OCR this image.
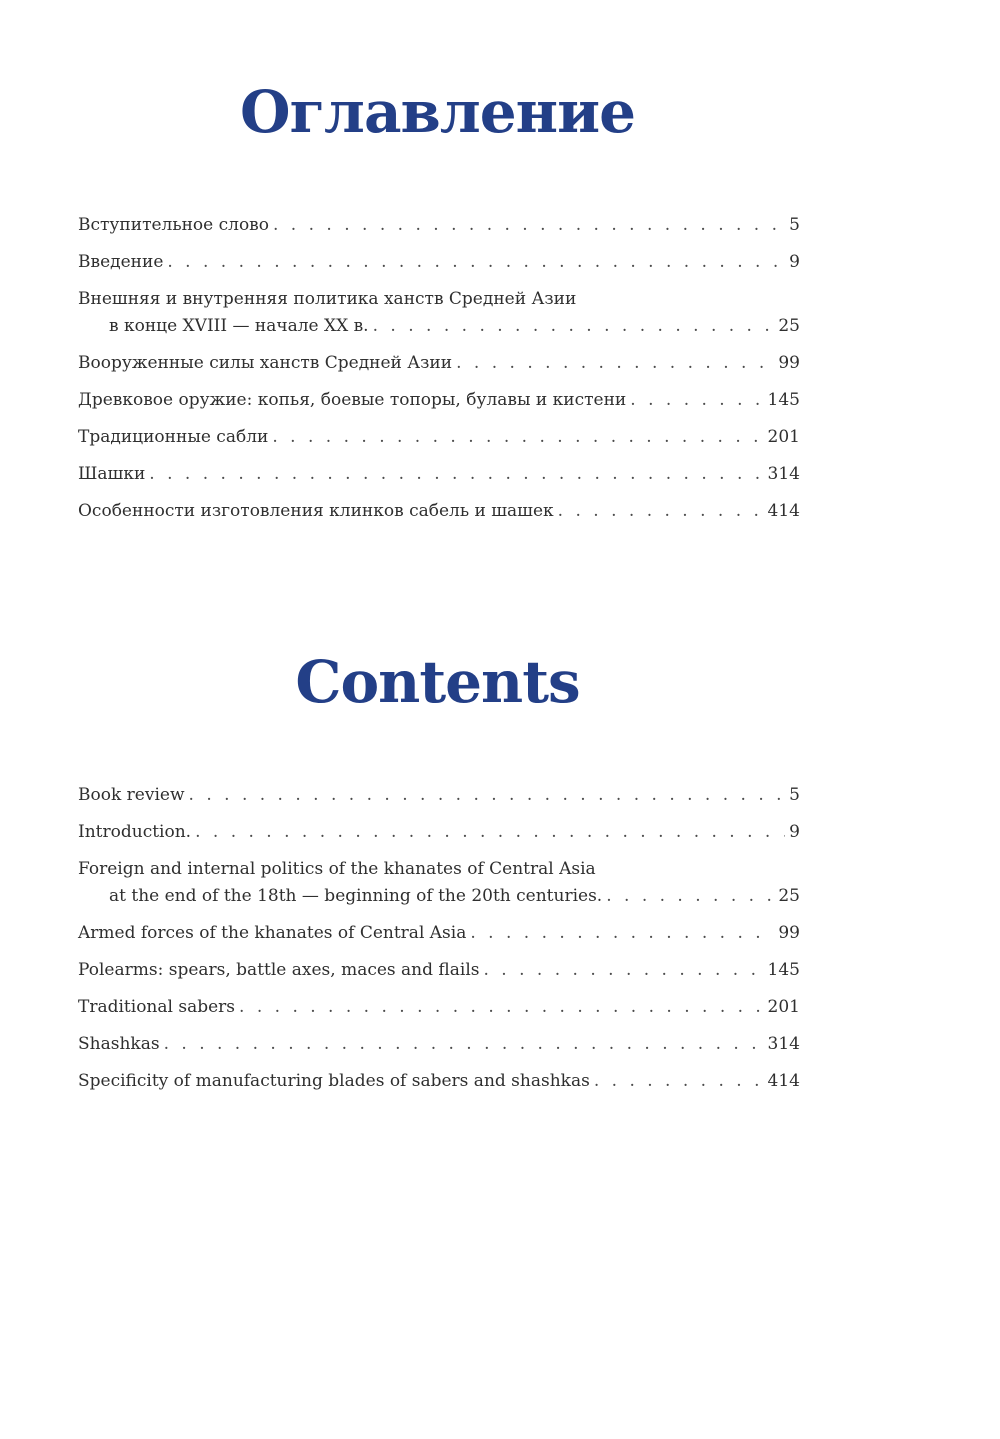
Оглавление
Вступительное слово . . .	5
Введение . . .	9
Внешняя и внутренняя политика ханств Средней Азии
в конце XVIII — начале XX в. . . .	25
Вооруженные силы ханств Средней Азии . . .	99
Древковое оружие: копья, боевые топоры, булавы и кистени . . .	145
Традиционные сабли . . .	201
Шашки . . .	314
Особенности изготовления клинков сабель и шашек . . .	414
Contents
Book review . . .	5
Introduction. . . .	9
Foreign and internal politics of the khanates of Central Asia
at the end of the 18th — beginning of the 20th centuries. . . .	25
Armed forces of the khanates of Central Asia . . .	99
Polearms: spears, battle axes, maces and flails . . .	145
Traditional sabers . . .	201
Shashkas . . .	314
Specificity of manufacturing blades of sabers and shashkas . . .	414
